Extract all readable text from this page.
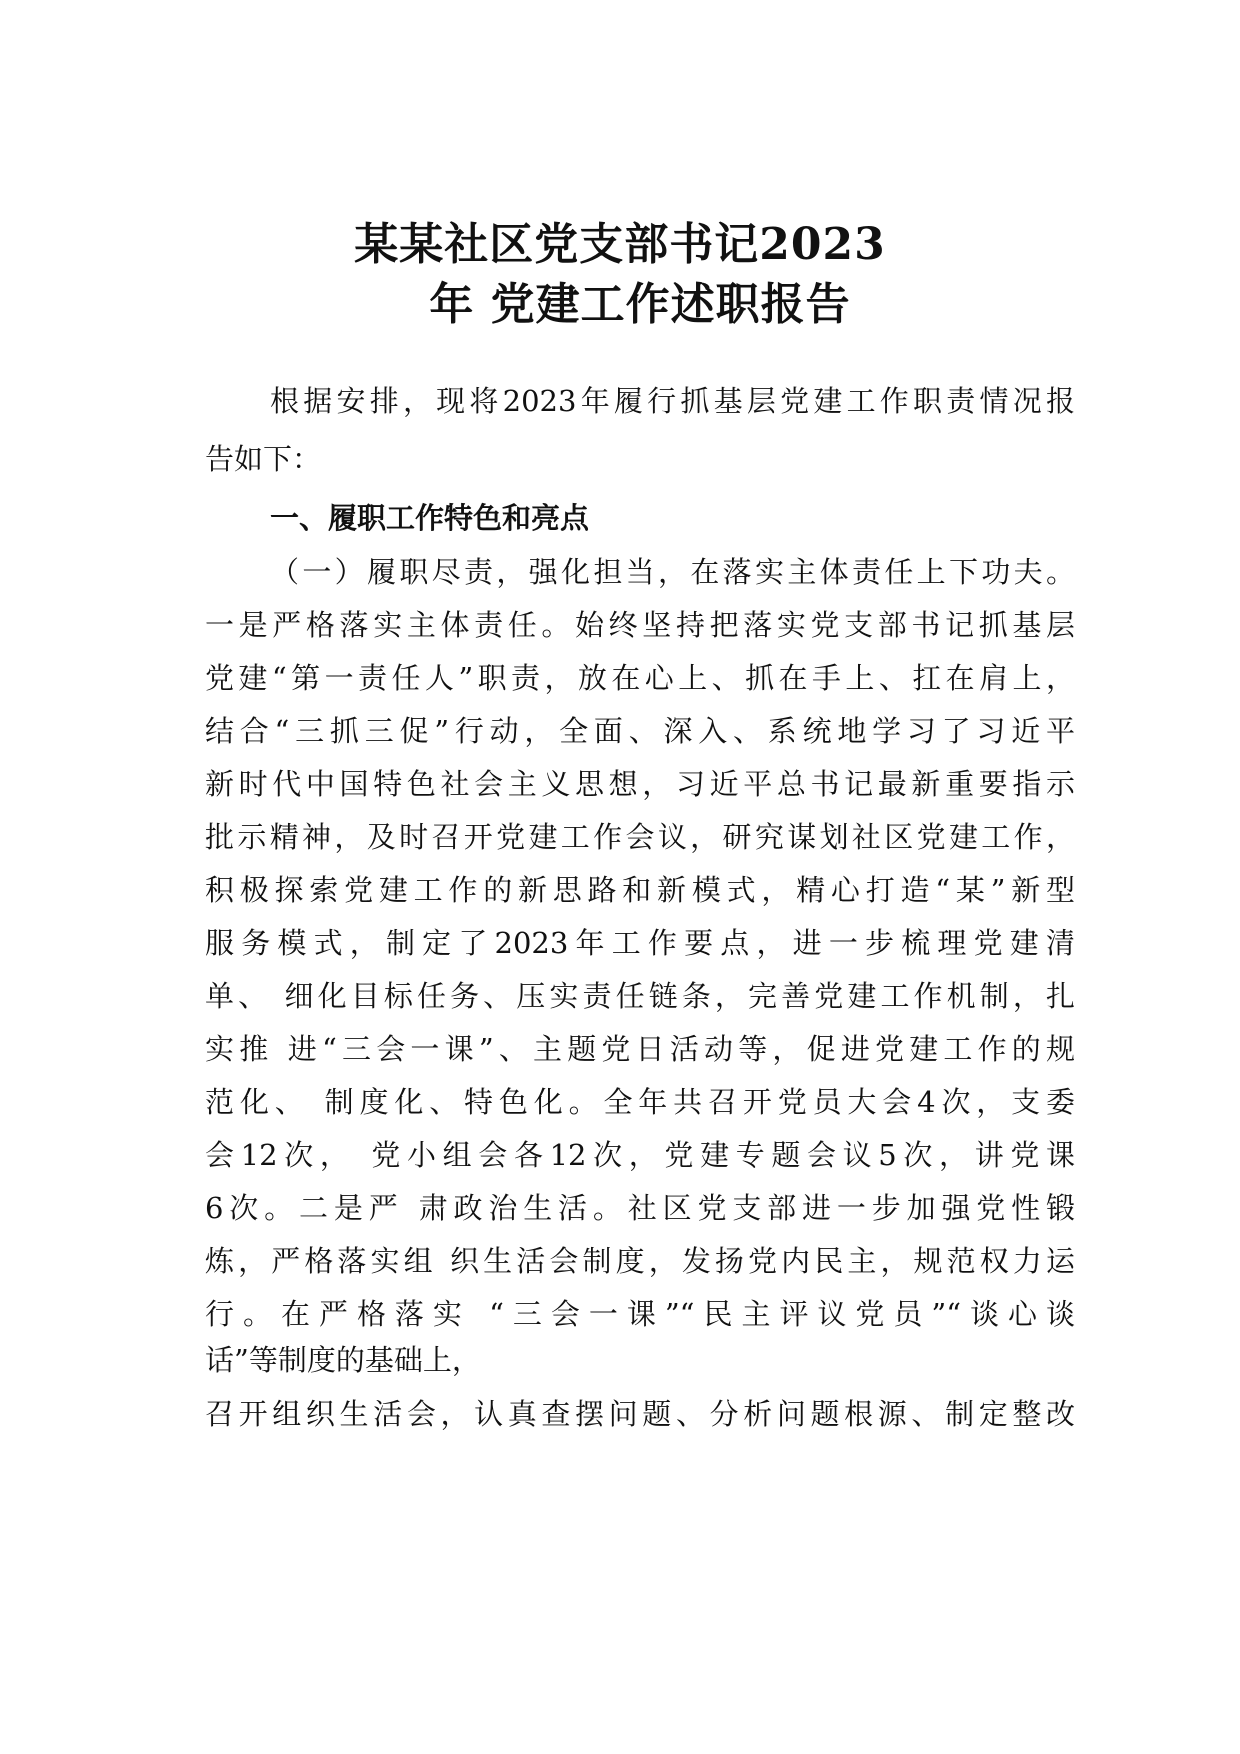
某某社区党支部书记2023
年 党建工作述职报告
根据安排，现将2023年履行抓基层党建工作职责情况报
告如下：
一、履职工作特色和亮点
（一）履职尽责，强化担当，在落实主体责任上下功夫。
一是严格落实主体责任。始终坚持把落实党支部书记抓基层
党建“第一责任人”职责，放在心上、抓在手上、扛在肩上，
结合“三抓三促”行动，全面、深入、系统地学习了习近平
新时代中国特色社会主义思想，习近平总书记最新重要指示
批示精神，及时召开党建工作会议，研究谋划社区党建工作，
积极探索党建工作的新思路和新模式，精心打造“某”新型
服务模式，制定了2023年工作要点，进一步梳理党建清
单、 细化目标任务、压实责任链条，完善党建工作机制，扎
实推 进“三会一课”、主题党日活动等，促进党建工作的规
范化、 制度化、特色化。全年共召开党员大会4次，支委
会12次， 党小组会各12次，党建专题会议5次，讲党课
6次。二是严 肃政治生活。社区党支部进一步加强党性锻
炼，严格落实组 织生活会制度，发扬党内民主，规范权力运
行。在严格落实 “三会一课”“民主评议党员”“谈心谈
话”等制度的基础上，
召开组织生活会，认真查摆问题、分析问题根源、制定整改
